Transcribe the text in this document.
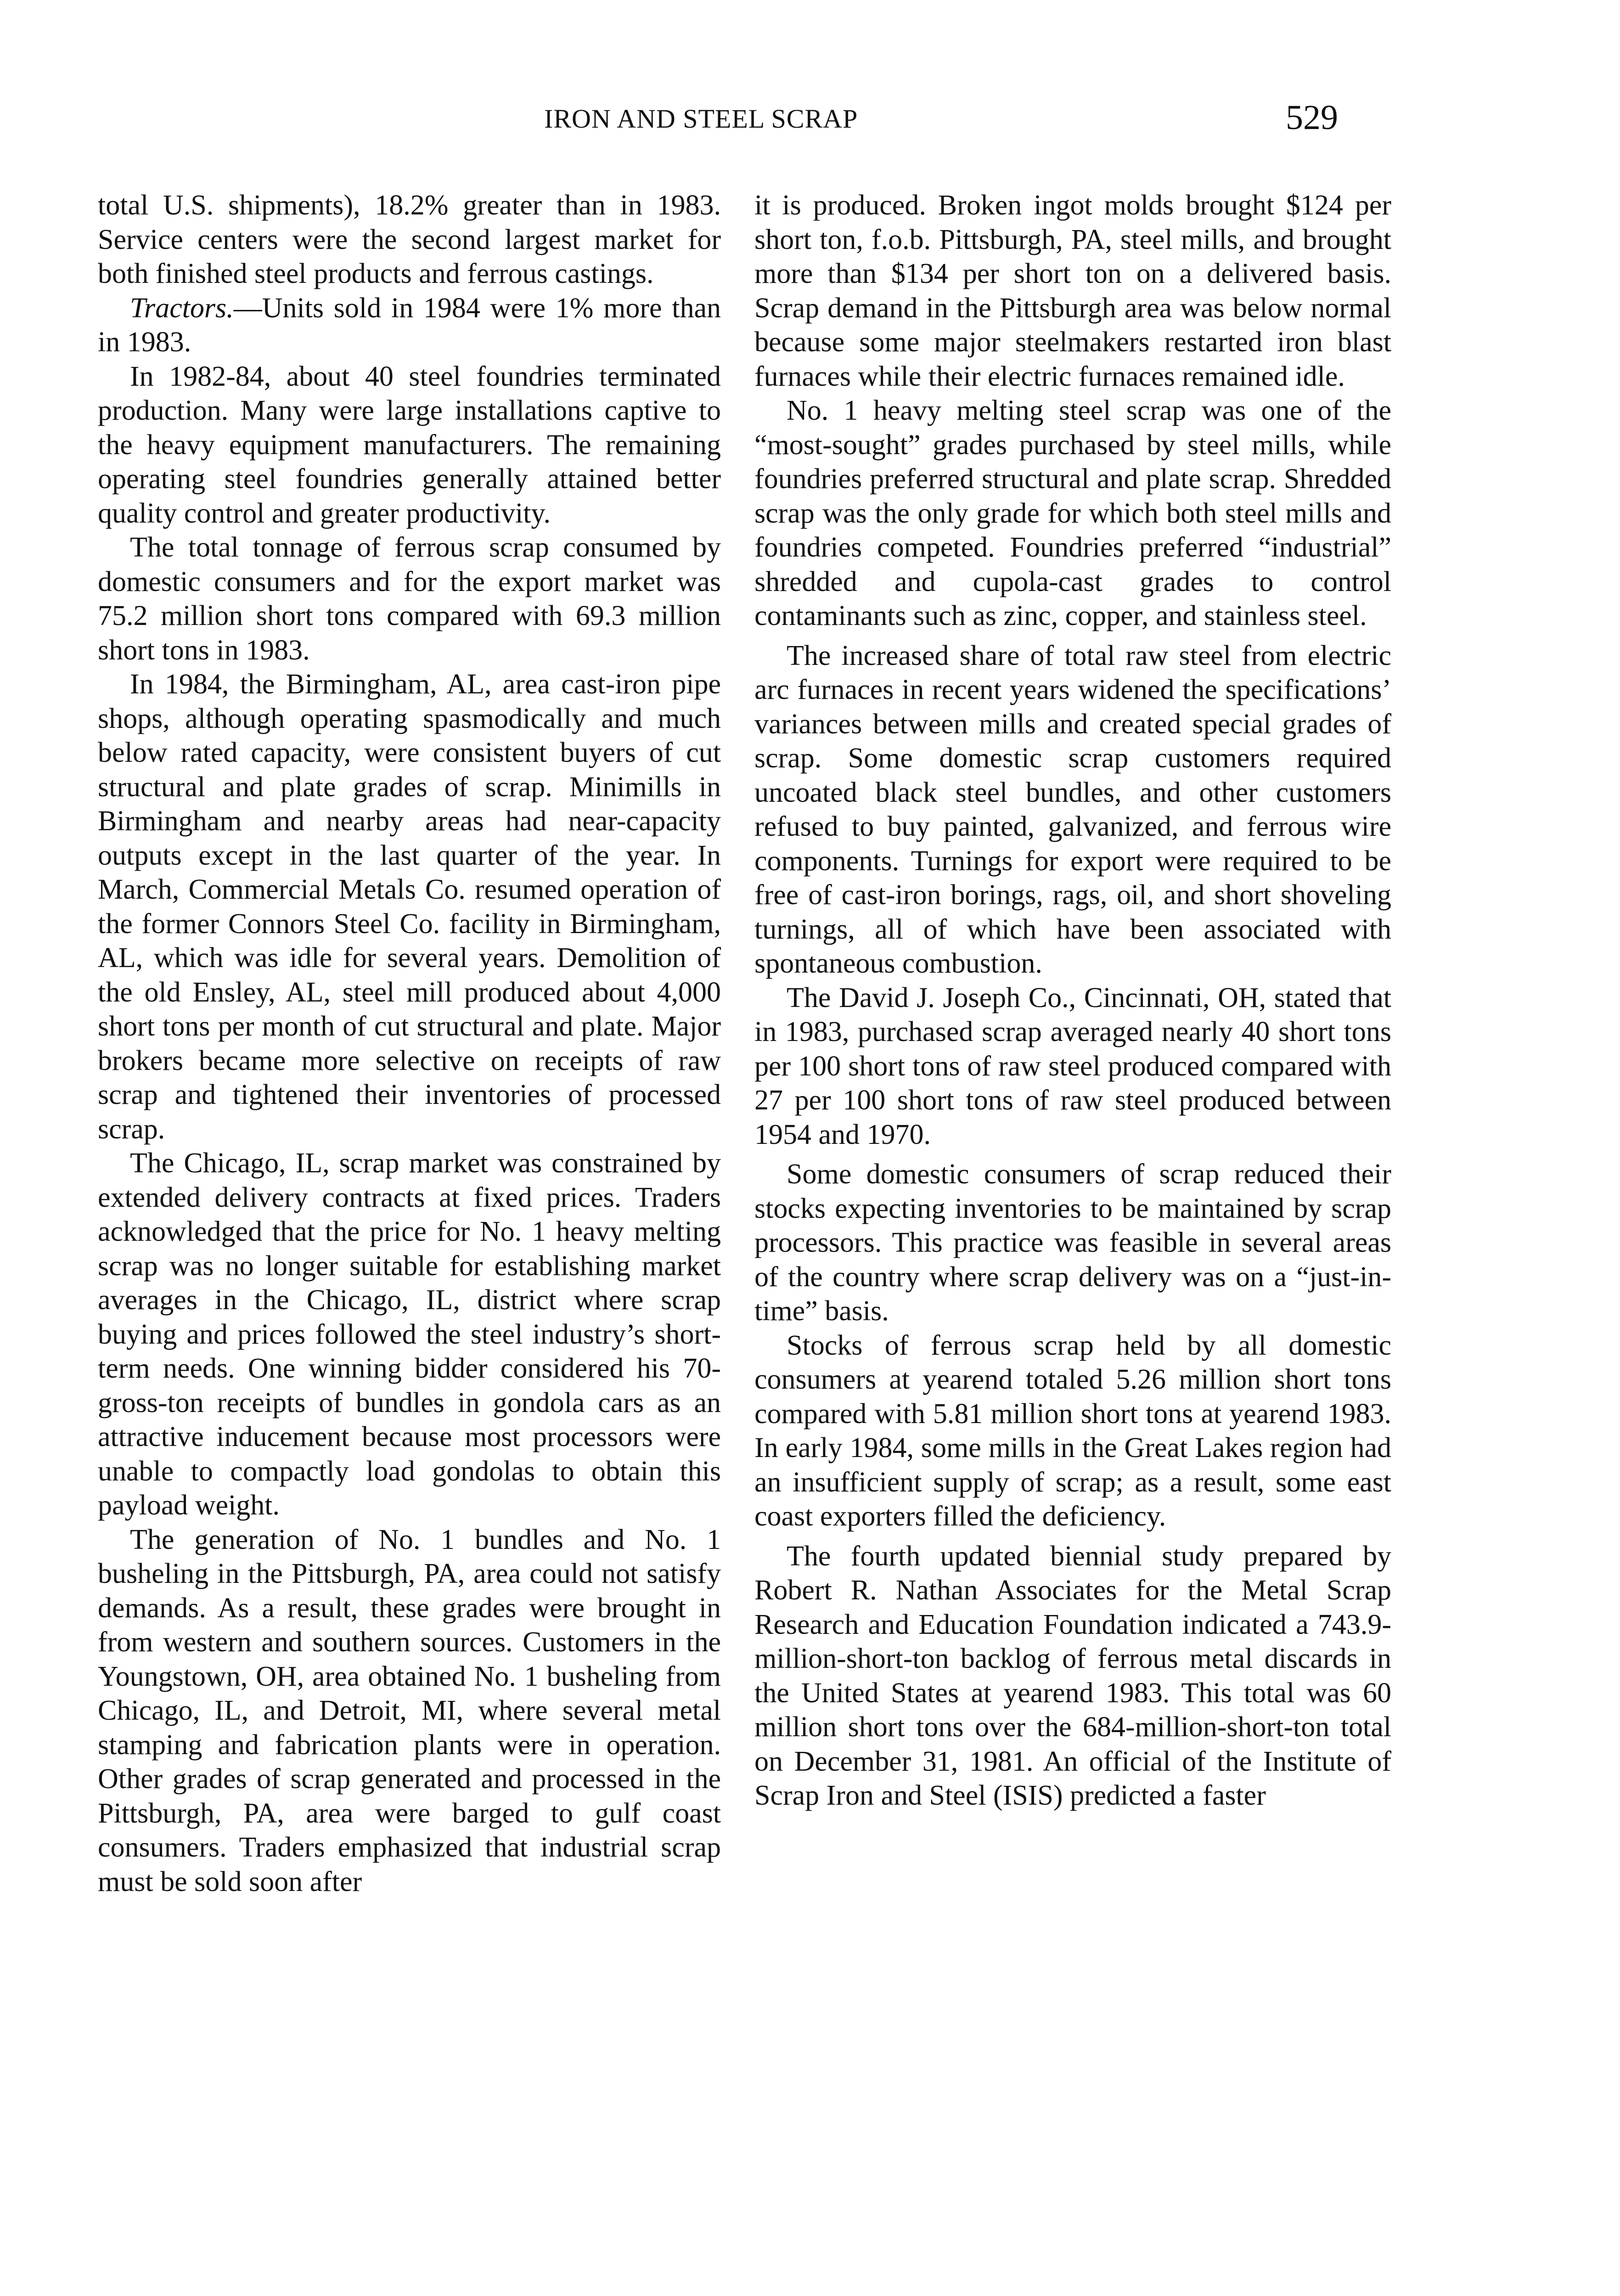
IRON AND STEEL SCRAP	529

total U.S. shipments), 18.2% greater than in 1983. Service centers were the second largest market for both finished steel products and ferrous castings.

Tractors.—Units sold in 1984 were 1% more than in 1983.

In 1982-84, about 40 steel foundries terminated production. Many were large installations captive to the heavy equipment manufacturers. The remaining operating steel foundries generally attained better quality control and greater productivity.

The total tonnage of ferrous scrap consumed by domestic consumers and for the export market was 75.2 million short tons compared with 69.3 million short tons in 1983.

In 1984, the Birmingham, AL, area cast-iron pipe shops, although operating spasmodically and much below rated capacity, were consistent buyers of cut structural and plate grades of scrap. Minimills in Birmingham and nearby areas had near-capacity outputs except in the last quarter of the year. In March, Commercial Metals Co. resumed operation of the former Connors Steel Co. facility in Birmingham, AL, which was idle for several years. Demolition of the old Ensley, AL, steel mill produced about 4,000 short tons per month of cut structural and plate. Major brokers became more selective on receipts of raw scrap and tightened their inventories of processed scrap.

The Chicago, IL, scrap market was constrained by extended delivery contracts at fixed prices. Traders acknowledged that the price for No. 1 heavy melting scrap was no longer suitable for establishing market averages in the Chicago, IL, district where scrap buying and prices followed the steel industry’s short-term needs. One winning bidder considered his 70-gross-ton receipts of bundles in gondola cars as an attractive inducement because most processors were unable to compactly load gondolas to obtain this payload weight.

The generation of No. 1 bundles and No. 1 busheling in the Pittsburgh, PA, area could not satisfy demands. As a result, these grades were brought in from western and southern sources. Customers in the Youngstown, OH, area obtained No. 1 busheling from Chicago, IL, and Detroit, MI, where several metal stamping and fabrication plants were in operation. Other grades of scrap generated and processed in the Pittsburgh, PA, area were barged to gulf coast consumers. Traders emphasized that industrial scrap must be sold soon after

it is produced. Broken ingot molds brought $124 per short ton, f.o.b. Pittsburgh, PA, steel mills, and brought more than $134 per short ton on a delivered basis. Scrap demand in the Pittsburgh area was below normal because some major steelmakers restarted iron blast furnaces while their electric furnaces remained idle.

No. 1 heavy melting steel scrap was one of the “most-sought” grades purchased by steel mills, while foundries preferred structural and plate scrap. Shredded scrap was the only grade for which both steel mills and foundries competed. Foundries preferred “industrial” shredded and cupola-cast grades to control contaminants such as zinc, copper, and stainless steel.

The increased share of total raw steel from electric arc furnaces in recent years widened the specifications’ variances between mills and created special grades of scrap. Some domestic scrap customers required uncoated black steel bundles, and other customers refused to buy painted, galvanized, and ferrous wire components. Turnings for export were required to be free of cast-iron borings, rags, oil, and short shoveling turnings, all of which have been associated with spontaneous combustion.

The David J. Joseph Co., Cincinnati, OH, stated that in 1983, purchased scrap averaged nearly 40 short tons per 100 short tons of raw steel produced compared with 27 per 100 short tons of raw steel produced between 1954 and 1970.

Some domestic consumers of scrap reduced their stocks expecting inventories to be maintained by scrap processors. This practice was feasible in several areas of the country where scrap delivery was on a “just-in-time” basis.

Stocks of ferrous scrap held by all domestic consumers at yearend totaled 5.26 million short tons compared with 5.81 million short tons at yearend 1983. In early 1984, some mills in the Great Lakes region had an insufficient supply of scrap; as a result, some east coast exporters filled the deficiency.

The fourth updated biennial study prepared by Robert R. Nathan Associates for the Metal Scrap Research and Education Foundation indicated a 743.9-million-short-ton backlog of ferrous metal discards in the United States at yearend 1983. This total was 60 million short tons over the 684-million-short-ton total on December 31, 1981. An official of the Institute of Scrap Iron and Steel (ISIS) predicted a faster
